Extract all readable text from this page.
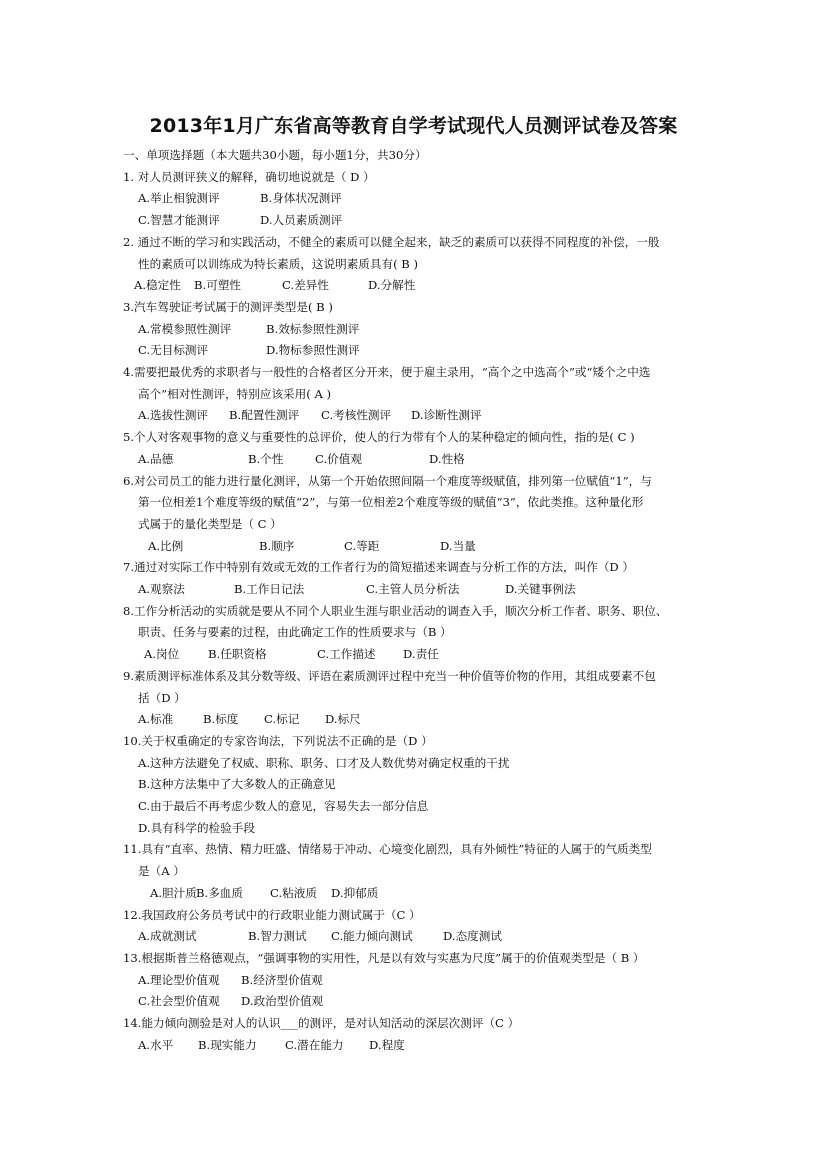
2013年1月广东省高等教育自学考试现代人员测评试卷及答案
一、单项选择题（本大题共30小题，每小题1分，共30分）
1. 对人员测评狭义的解释，确切地说就是（ D ）
A.举止相貌测评	B.身体状况测评
C.智慧才能测评	D.人员素质测评
2. 通过不断的学习和实践活动，不健全的素质可以健全起来，缺乏的素质可以获得不同程度的补偿，一般
性的素质可以训练成为特长素质，这说明素质具有( B )
A.稳定性 B.可塑性	C.差异性	D.分解性
3.汽车驾驶证考试属于的测评类型是( B )
A.常模参照性测评	B.效标参照性测评
C.无目标测评	D.物标参照性测评
4.需要把最优秀的求职者与一般性的合格者区分开来，便于雇主录用，“高个之中选高个”或“矮个之中选
高个”相对性测评，特别应该采用( A )
A.选拔性测评 B.配置性测评 C.考核性测评 D.诊断性测评
5.个人对客观事物的意义与重要性的总评价，使人的行为带有个人的某种稳定的倾向性，指的是( C )
A.品德	B.个性	C.价值观	D.性格
6.对公司员工的能力进行量化测评，从第一个开始依照间隔一个难度等级赋值，排列第一位赋值“1”，与
第一位相差1个难度等级的赋值“2”，与第一位相差2个难度等级的赋值“3”，依此类推。这种量化形
式属于的量化类型是（ C ）
A.比例	B.顺序	C.等距	D.当量
7.通过对实际工作中特别有效或无效的工作者行为的简短描述来调查与分析工作的方法，叫作（D ）
A.观察法	B.工作日记法	C.主管人员分析法	D.关键事例法
8.工作分析活动的实质就是要从不同个人职业生涯与职业活动的调查入手，顺次分析工作者、职务、职位、
职责、任务与要素的过程，由此确定工作的性质要求与（B ）
A.岗位 B.任职资格	C.工作描述 D.责任
9.素质测评标准体系及其分数等级、评语在素质测评过程中充当一种价值等价物的作用，其组成要素不包
括（D ）
A.标准	B.标度 C.标记 D.标尺
10.关于权重确定的专家咨询法，下列说法不正确的是（D ）
A.这种方法避免了权威、职称、职务、口才及人数优势对确定权重的干扰
B.这种方法集中了大多数人的正确意见
C.由于最后不再考虑少数人的意见，容易失去一部分信息
D.具有科学的检验手段
11.具有“直率、热情、精力旺盛、情绪易于冲动、心境变化剧烈，具有外倾性”特征的人属于的气质类型
是（A ）
A.胆汁质 B.多血质 C.粘液质 D.抑郁质
12.我国政府公务员考试中的行政职业能力测试属于（C ）
A.成就测试	B.智力测试 C.能力倾向测试	D.态度测试
13.根据斯普兰格德观点，“强调事物的实用性，凡是以有效与实惠为尺度”属于的价值观类型是（ B ）
A.理论型价值观 B.经济型价值观
C.社会型价值观 D.政治型价值观
14.能力倾向测验是对人的认识___的测评，是对认知活动的深层次测评（C ）
A.水平 B.现实能力 C.潜在能力 D.程度
